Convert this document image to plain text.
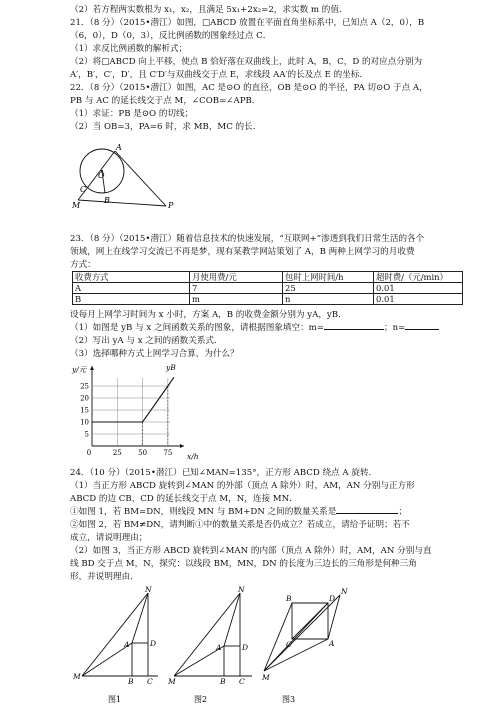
（2）若方程两实数根为 x₁，x₂，且满足 5x₁+2x₂=2，求实数 m 的值.
21．（8 分）（2015•潜江）如图，□ABCD 放置在平面直角坐标系中，已知点 A（2，0），B
（6，0），D（0，3），反比例函数的图象经过点 C．
（1）求反比例函数的解析式；
（2）将□ABCD 向上平移，使点 B 恰好落在双曲线上，此时 A，B，C，D 的对应点分别为
A′，B′，C′，D′，且 C′D′与双曲线交于点 E，求线段 AA′的长及点 E 的坐标.
22．（8 分）（2015•潜江）如图，AC 是⊙O 的直径，OB 是⊙O 的半径，PA 切⊙O 于点 A，
PB 与 AC 的延长线交于点 M，∠COB=∠APB．
（1）求证：PB 是⊙O 的切线；
（2）当 OB=3，PA=6 时，求 MB，MC 的长．
O
A
B
C
M	P
23．（8 分）（2015•潜江）随着信息技术的快速发展，“互联网+”渗透到我们日常生活的各个
领域，网上在线学习交流已不再是梦，现有某教学网站策划了 A，B 两种上网学习的月收费
方式：
收费方式	月使用费/元	包时上网时间/h	超时费/（元/min）
A	7	25	0.01
B	m	n	0.01
设每月上网学习时间为 x 小时，方案 A，B 的收费金额分别为 yA，yB．
（1）如图是 yB 与 x 之间函数关系的图象，请根据图象填空：m=	；n=
（2）写出 yA 与 x 之间的函数关系式．
（3）选择哪种方式上网学习合算，为什么？
25
20
15
10
5
0	25 50 75
y/元
x/h
yB
24．（10 分）（2015•潜江）已知∠MAN=135°，正方形 ABCD 绕点 A 旋转．
（1）当正方形 ABCD 旋转到∠MAN 的外部（顶点 A 除外）时，AM，AN 分别与正方形
ABCD 的边 CB，CD 的延长线交于点 M，N，连接 MN．
①如图 1，若 BM=DN，则线段 MN 与 BM+DN 之间的数量关系是	；
②如图 2，若 BM≠DN，请判断①中的数量关系是否仍成立？若成立，请给予证明；若不
成立，请说明理由；
（2）如图 3，当正方形 ABCD 旋转到∠MAN 的内部（顶点 A 除外）时，AM，AN 分别与直
线 BD 交于点 M，N，探究：以线段 BM，MN，DN 的长度为三边长的三角形是何种三角
形，并说明理由．
N
M
A
B C
D
图1
N
M
A
B C
D
图2
N
M
A
B
C
D
图3
